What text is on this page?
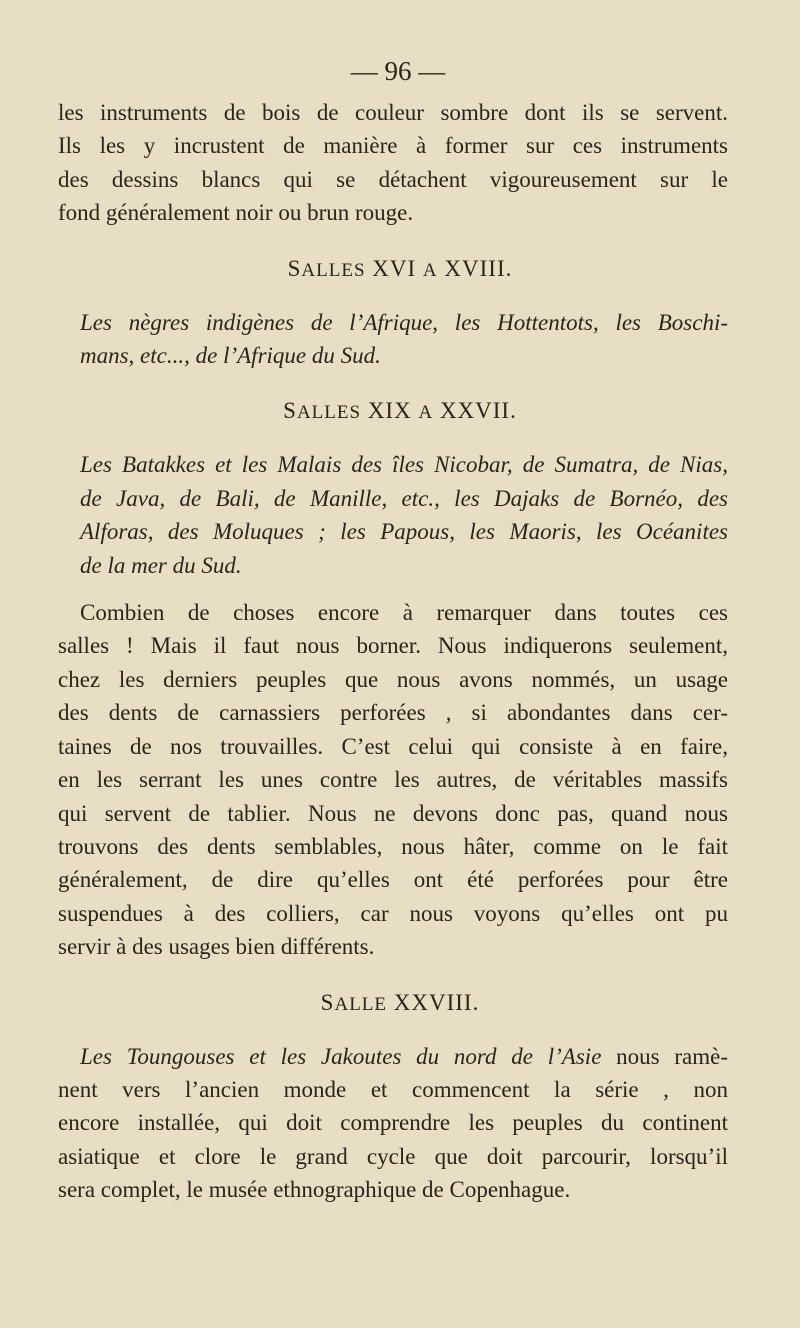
— 96 —
les instruments de bois de couleur sombre dont ils se servent.
Ils les y incrustent de manière à former sur ces instruments
des dessins blancs qui se détachent vigoureusement sur le
fond généralement noir ou brun rouge.
SALLES XVI A XVIII.
Les nègres indigènes de l’Afrique, les Hottentots, les Boschi-
mans, etc..., de l’Afrique du Sud.
SALLES XIX A XXVII.
Les Batakkes et les Malais des îles Nicobar, de Sumatra, de Nias,
de Java, de Bali, de Manille, etc., les Dajaks de Bornéo, des
Alforas, des Moluques ; les Papous, les Maoris, les Océanites
de la mer du Sud.
Combien de choses encore à remarquer dans toutes ces
salles ! Mais il faut nous borner. Nous indiquerons seulement,
chez les derniers peuples que nous avons nommés, un usage
des dents de carnassiers perforées , si abondantes dans cer-
taines de nos trouvailles. C’est celui qui consiste à en faire,
en les serrant les unes contre les autres, de véritables massifs
qui servent de tablier. Nous ne devons donc pas, quand nous
trouvons des dents semblables, nous hâter, comme on le fait
généralement, de dire qu’elles ont été perforées pour être
suspendues à des colliers, car nous voyons qu’elles ont pu
servir à des usages bien différents.
SALLE XXVIII.
Les Toungouses et les Jakoutes du nord de l’Asie nous ramè-
nent vers l’ancien monde et commencent la série , non
encore installée, qui doit comprendre les peuples du continent
asiatique et clore le grand cycle que doit parcourir, lorsqu’il
sera complet, le musée ethnographique de Copenhague.
